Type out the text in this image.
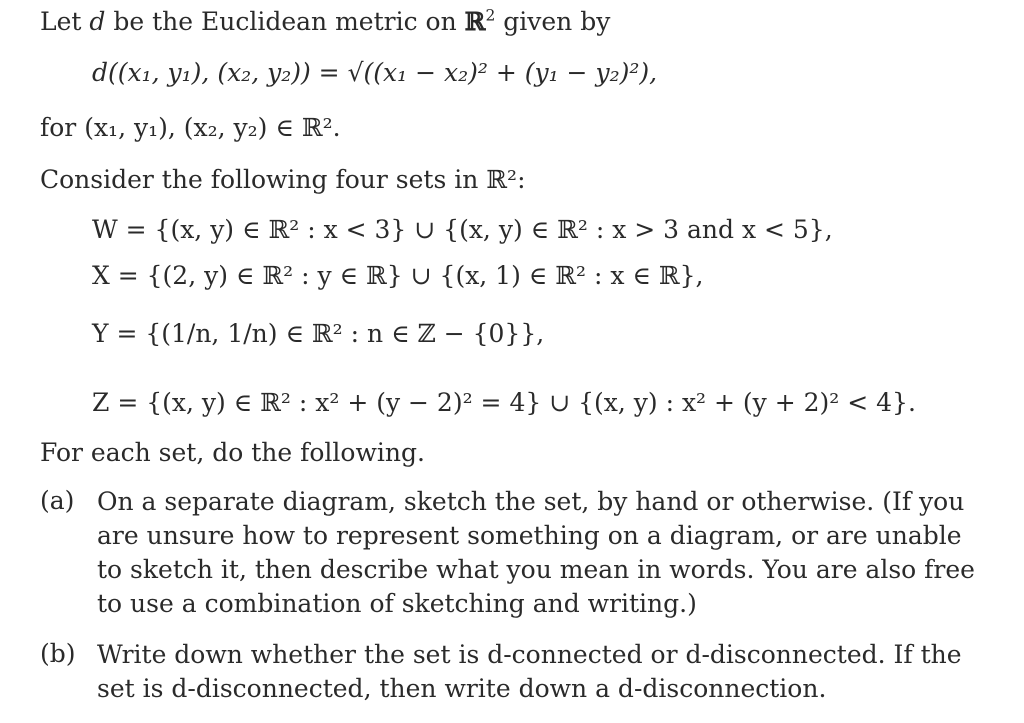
Let d be the Euclidean metric on ℝ$^2$ given by
d((x₁, y₁), (x₂, y₂)) = √((x₁ − x₂)² + (y₁ − y₂)²),
for (x₁, y₁), (x₂, y₂) ∈ ℝ².
Consider the following four sets in ℝ²:
W = {(x, y) ∈ ℝ² : x < 3} ∪ {(x, y) ∈ ℝ² : x > 3 and x < 5},
X = {(2, y) ∈ ℝ² : y ∈ ℝ} ∪ {(x, 1) ∈ ℝ² : x ∈ ℝ},
Y = {(1/n, 1/n) ∈ ℝ² : n ∈ ℤ − {0}},
Z = {(x, y) ∈ ℝ² : x² + (y − 2)² = 4} ∪ {(x, y) : x² + (y + 2)² < 4}.
For each set, do the following.
(a) On a separate diagram, sketch the set, by hand or otherwise. (If you are unsure how to represent something on a diagram, or are unable to sketch it, then describe what you mean in words. You are also free to use a combination of sketching and writing.)
(b) Write down whether the set is d-connected or d-disconnected. If the set is d-disconnected, then write down a d-disconnection.
